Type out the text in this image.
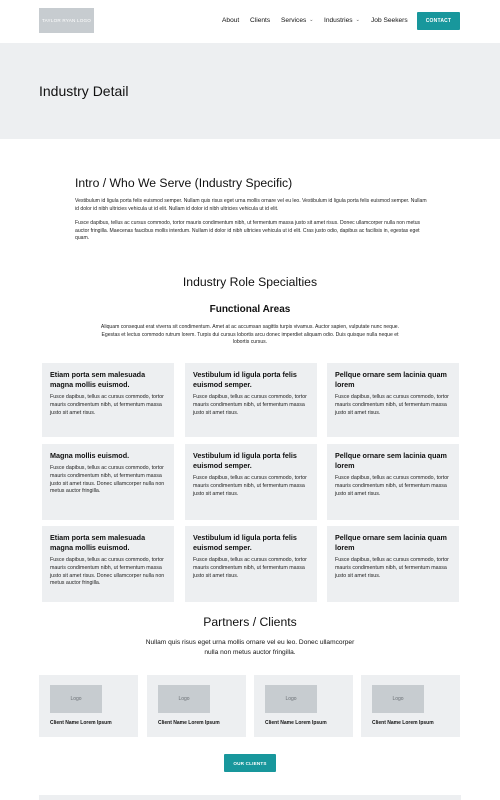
TAYLOR RYAN LOGO	About Clients Services ⌄ Industries ⌄ Job Seekers	CONTACT
Industry Detail
Intro / Who We Serve (Industry Specific)

Vestibulum id ligula porta felis euismod semper. Nullam quis risus eget urna mollis ornare vel eu leo. Vestibulum id ligula porta felis euismod semper. Nullam id dolor id nibh ultricies vehicula ut id elit. Nullam id dolor id nibh ultricies vehicula ut id elit.

Fusce dapibus, tellus ac cursus commodo, tortor mauris condimentum nibh, ut fermentum massa justo sit amet risus. Donec ullamcorper nulla non metus auctor fringilla. Maecenas faucibus mollis interdum. Nullam id dolor id nibh ultricies vehicula ut id elit. Cras justo odio, dapibus ac facilisis in, egestas eget quam.

Industry Role Specialties
Functional Areas

Aliquam consequat erat viverra sit condimentum. Amet at ac accumsan sagittis turpis vivamus. Auctor sapien, vulputate nunc neque. Egestas et lectus commodo rutrum lorem. Turpis dui cursus lobortis arcu donec imperdiet aliquam odio. Duis quisque nulla neque et lobortis cursus.

Etiam porta sem malesuada magna mollis euismod.
Fusce dapibus, tellus ac cursus commodo, tortor mauris condimentum nibh, ut fermentum massa justo sit amet risus.
Vestibulum id ligula porta felis euismod semper.
Fusce dapibus, tellus ac cursus commodo, tortor mauris condimentum nibh, ut fermentum massa justo sit amet risus.
Pellque ornare sem lacinia quam lorem
Fusce dapibus, tellus ac cursus commodo, tortor mauris condimentum nibh, ut fermentum massa justo sit amet risus.
Magna mollis euismod.
Fusce dapibus, tellus ac cursus commodo, tortor mauris condimentum nibh, ut fermentum massa justo sit amet risus. Donec ullamcorper nulla non metus auctor fringilla.
Vestibulum id ligula porta felis euismod semper.
Fusce dapibus, tellus ac cursus commodo, tortor mauris condimentum nibh, ut fermentum massa justo sit amet risus.
Pellque ornare sem lacinia quam lorem
Fusce dapibus, tellus ac cursus commodo, tortor mauris condimentum nibh, ut fermentum massa justo sit amet risus.
Etiam porta sem malesuada magna mollis euismod.
Fusce dapibus, tellus ac cursus commodo, tortor mauris condimentum nibh, ut fermentum massa justo sit amet risus. Donec ullamcorper nulla non metus auctor fringilla.
Vestibulum id ligula porta felis euismod semper.
Fusce dapibus, tellus ac cursus commodo, tortor mauris condimentum nibh, ut fermentum massa justo sit amet risus.
Pellque ornare sem lacinia quam lorem
Fusce dapibus, tellus ac cursus commodo, tortor mauris condimentum nibh, ut fermentum massa justo sit amet risus.
Partners / Clients

Nullam quis risus eget urna mollis ornare vel eu leo. Donec ullamcorper nulla non metus auctor fringilla.

Logo
Client Name Lorem Ipsum
Logo
Client Name Lorem Ipsum
Logo
Client Name Lorem Ipsum
Logo
Client Name Lorem Ipsum
OUR CLIENTS
